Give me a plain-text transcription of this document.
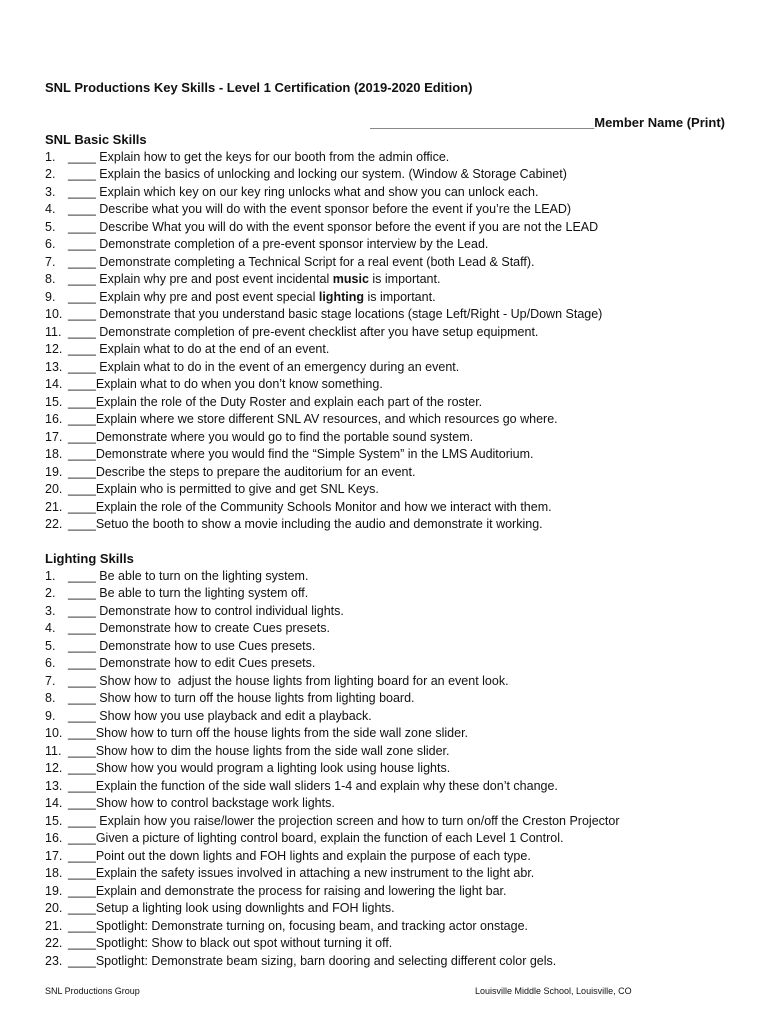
SNL Productions Key Skills - Level 1 Certification (2019-2020 Edition)
_______________________________Member Name (Print)
SNL Basic Skills
1.	____ Explain how to get the keys for our booth from the admin office.
2.	____ Explain the basics of unlocking and locking our system. (Window & Storage Cabinet)
3.	____ Explain which key on our key ring unlocks what and show you can unlock each.
4.	____ Describe what you will do with the event sponsor before the event if you’re the LEAD)
5.	____ Describe What you will do with the event sponsor before the event if you are not the LEAD
6.	____ Demonstrate completion of a pre-event sponsor interview by the Lead.
7.	____ Demonstrate completing a Technical Script for a real event (both Lead & Staff).
8.	____ Explain why pre and post event incidental music is important.
9.	____ Explain why pre and post event special lighting is important.
10. ____ Demonstrate that you understand basic stage locations (stage Left/Right - Up/Down Stage)
11. ____ Demonstrate completion of pre-event checklist after you have setup equipment.
12. ____ Explain what to do at the end of an event.
13. ____ Explain what to do in the event of an emergency during an event.
14. ____ Explain what to do when you don’t know something.
15. ____ Explain the role of the Duty Roster and explain each part of the roster.
16. ____ Explain where we store different SNL AV resources, and which resources go where.
17. ____ Demonstrate where you would go to find the portable sound system.
18. ____ Demonstrate where you would find the “Simple System” in the LMS Auditorium.
19. ____ Describe the steps to prepare the auditorium for an event.
20. ____ Explain who is permitted to give and get SNL Keys.
21. ____ Explain the role of the Community Schools Monitor and how we interact with them.
22. ____ Setuo the booth to show a movie including the audio and demonstrate it working.
Lighting Skills
1.	____ Be able to turn on the lighting system.
2.	____ Be able to turn the lighting system off.
3.	____ Demonstrate how to control individual lights.
4.	____ Demonstrate how to create Cues presets.
5.	____ Demonstrate how to use Cues presets.
6.	____ Demonstrate how to edit Cues presets.
7.	____ Show how to  adjust the house lights from lighting board for an event look.
8.	____ Show how to turn off the house lights from lighting board.
9.	____ Show how you use playback and edit a playback.
10. ____ Show how to turn off the house lights from the side wall zone slider.
11. ____ Show how to dim the house lights from the side wall zone slider.
12. ____ Show how you would program a lighting look using house lights.
13. ____ Explain the function of the side wall sliders 1-4 and explain why these don’t change.
14. ____ Show how to control backstage work lights.
15. ____ Explain how you raise/lower the projection screen and how to turn on/off the Creston Projector
16. ____ Given a picture of lighting control board, explain the function of each Level 1 Control.
17. ____ Point out the down lights and FOH lights and explain the purpose of each type.
18. ____ Explain the safety issues involved in attaching a new instrument to the light abr.
19. ____ Explain and demonstrate the process for raising and lowering the light bar.
20. ____ Setup a lighting look using downlights and FOH lights.
21. ____ Spotlight: Demonstrate turning on, focusing beam, and tracking actor onstage.
22. ____ Spotlight: Show to black out spot without turning it off.
23. ____ Spotlight: Demonstrate beam sizing, barn dooring and selecting different color gels.
SNL Productions Group	Louisville Middle School, Louisville, CO
